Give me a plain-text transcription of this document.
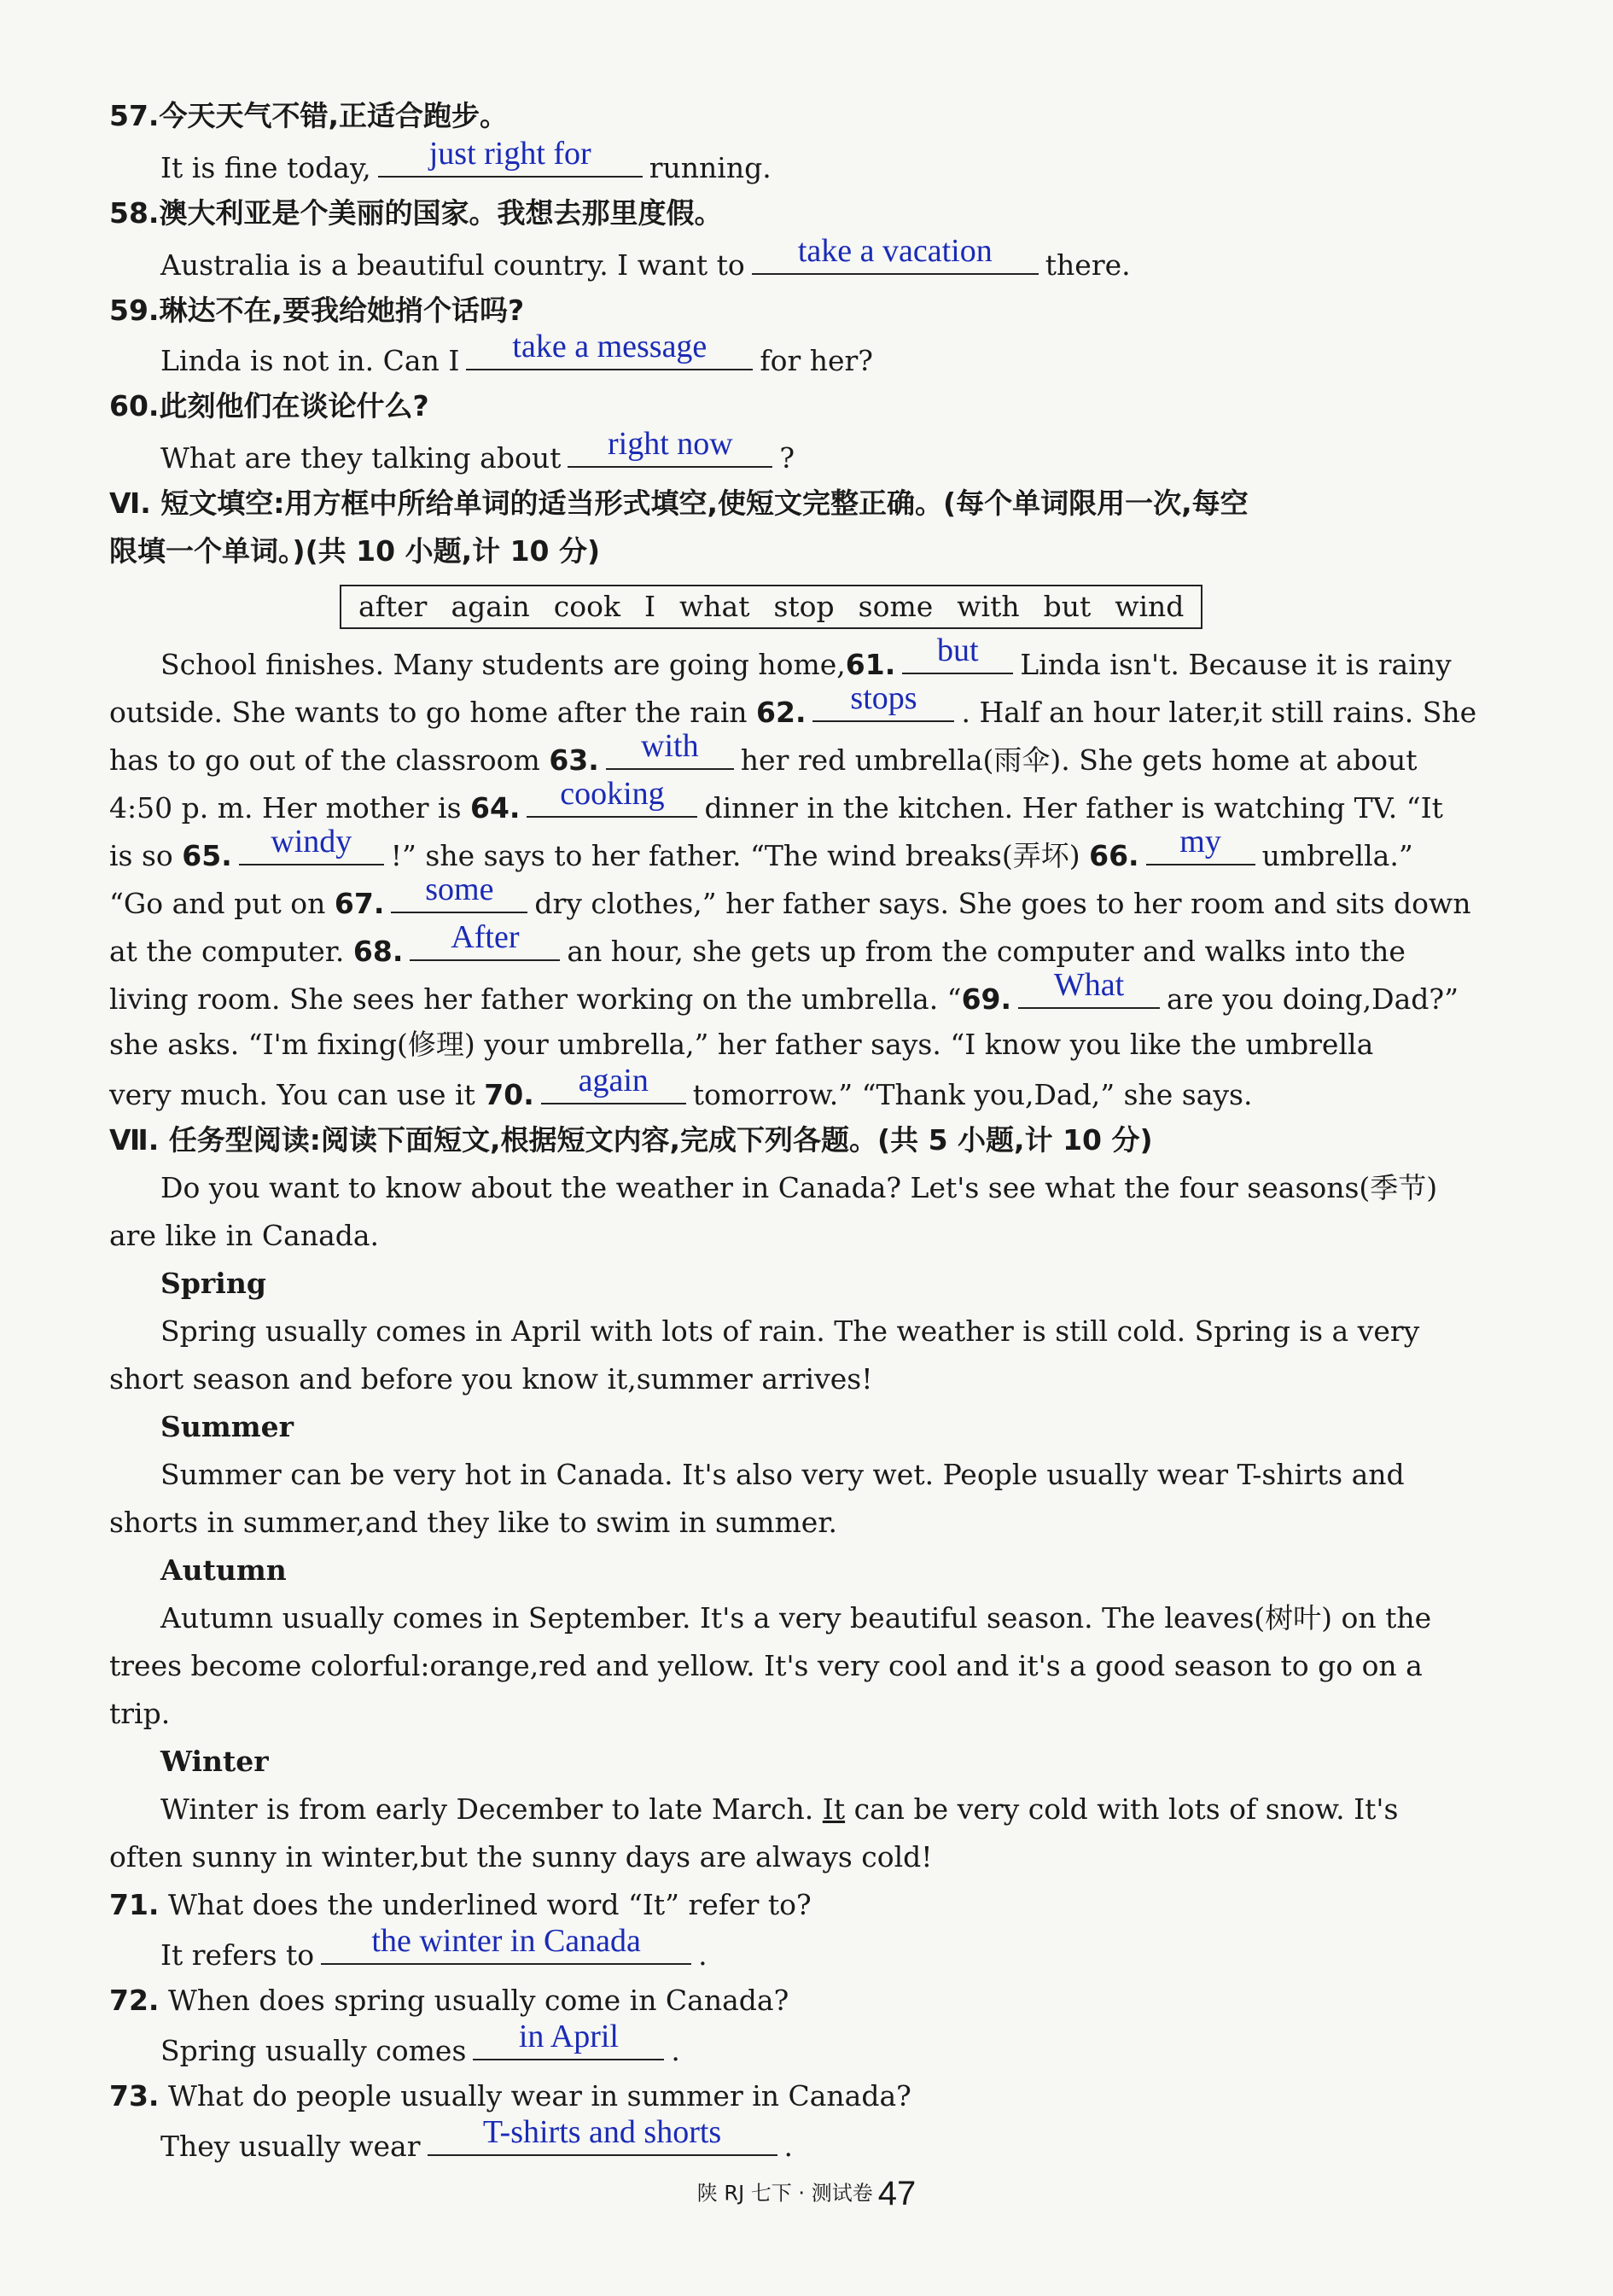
57.今天天气不错,正适合跑步。
It is fine today,	just right for	running.
58.澳大利亚是个美丽的国家。我想去那里度假。
Australia is a beautiful country. I want to	take a vacation	there.
59.琳达不在,要我给她捎个话吗?
Linda is not in. Can I	take a message	for her?
60.此刻他们在谈论什么?
What are they talking about	right now	?
Ⅵ. 短文填空:用方框中所给单词的适当形式填空,使短文完整正确。(每个单词限用一次,每空
限填一个单词。)(共 10 小题,计 10 分)
after again cook I what stop some with but wind
School finishes. Many students are going home,61.	but	Linda isn't. Because it is rainy
outside. She wants to go home after the rain 62.	stops	. Half an hour later,it still rains. She
has to go out of the classroom 63.	with	her red umbrella(雨伞). She gets home at about
4:50 p. m. Her mother is 64.	cooking	dinner in the kitchen. Her father is watching TV. “It
is so 65.	windy	!” she says to her father. “The wind breaks(弄坏) 66.	my	umbrella.”
“Go and put on 67.	some	dry clothes,” her father says. She goes to her room and sits down
at the computer. 68.	After	an hour, she gets up from the computer and walks into the
living room. She sees her father working on the umbrella. “69.	What	are you doing,Dad?”
she asks. “I'm fixing(修理) your umbrella,” her father says. “I know you like the umbrella
very much. You can use it 70.	again	tomorrow.” “Thank you,Dad,” she says.
Ⅶ. 任务型阅读:阅读下面短文,根据短文内容,完成下列各题。(共 5 小题,计 10 分)
Do you want to know about the weather in Canada? Let's see what the four seasons(季节)
are like in Canada.
Spring
Spring usually comes in April with lots of rain. The weather is still cold. Spring is a very
short season and before you know it,summer arrives!
Summer
Summer can be very hot in Canada. It's also very wet. People usually wear T-shirts and
shorts in summer,and they like to swim in summer.
Autumn
Autumn usually comes in September. It's a very beautiful season. The leaves(树叶) on the
trees become colorful:orange,red and yellow. It's very cool and it's a good season to go on a
trip.
Winter
Winter is from early December to late March. It can be very cold with lots of snow. It's
often sunny in winter,but the sunny days are always cold!
71. What does the underlined word “It” refer to?
It refers to	the winter in Canada	.
72. When does spring usually come in Canada?
Spring usually comes	in April	.
73. What do people usually wear in summer in Canada?
They usually wear	T-shirts and shorts	.
陕 RJ 七下 · 测试卷 47
